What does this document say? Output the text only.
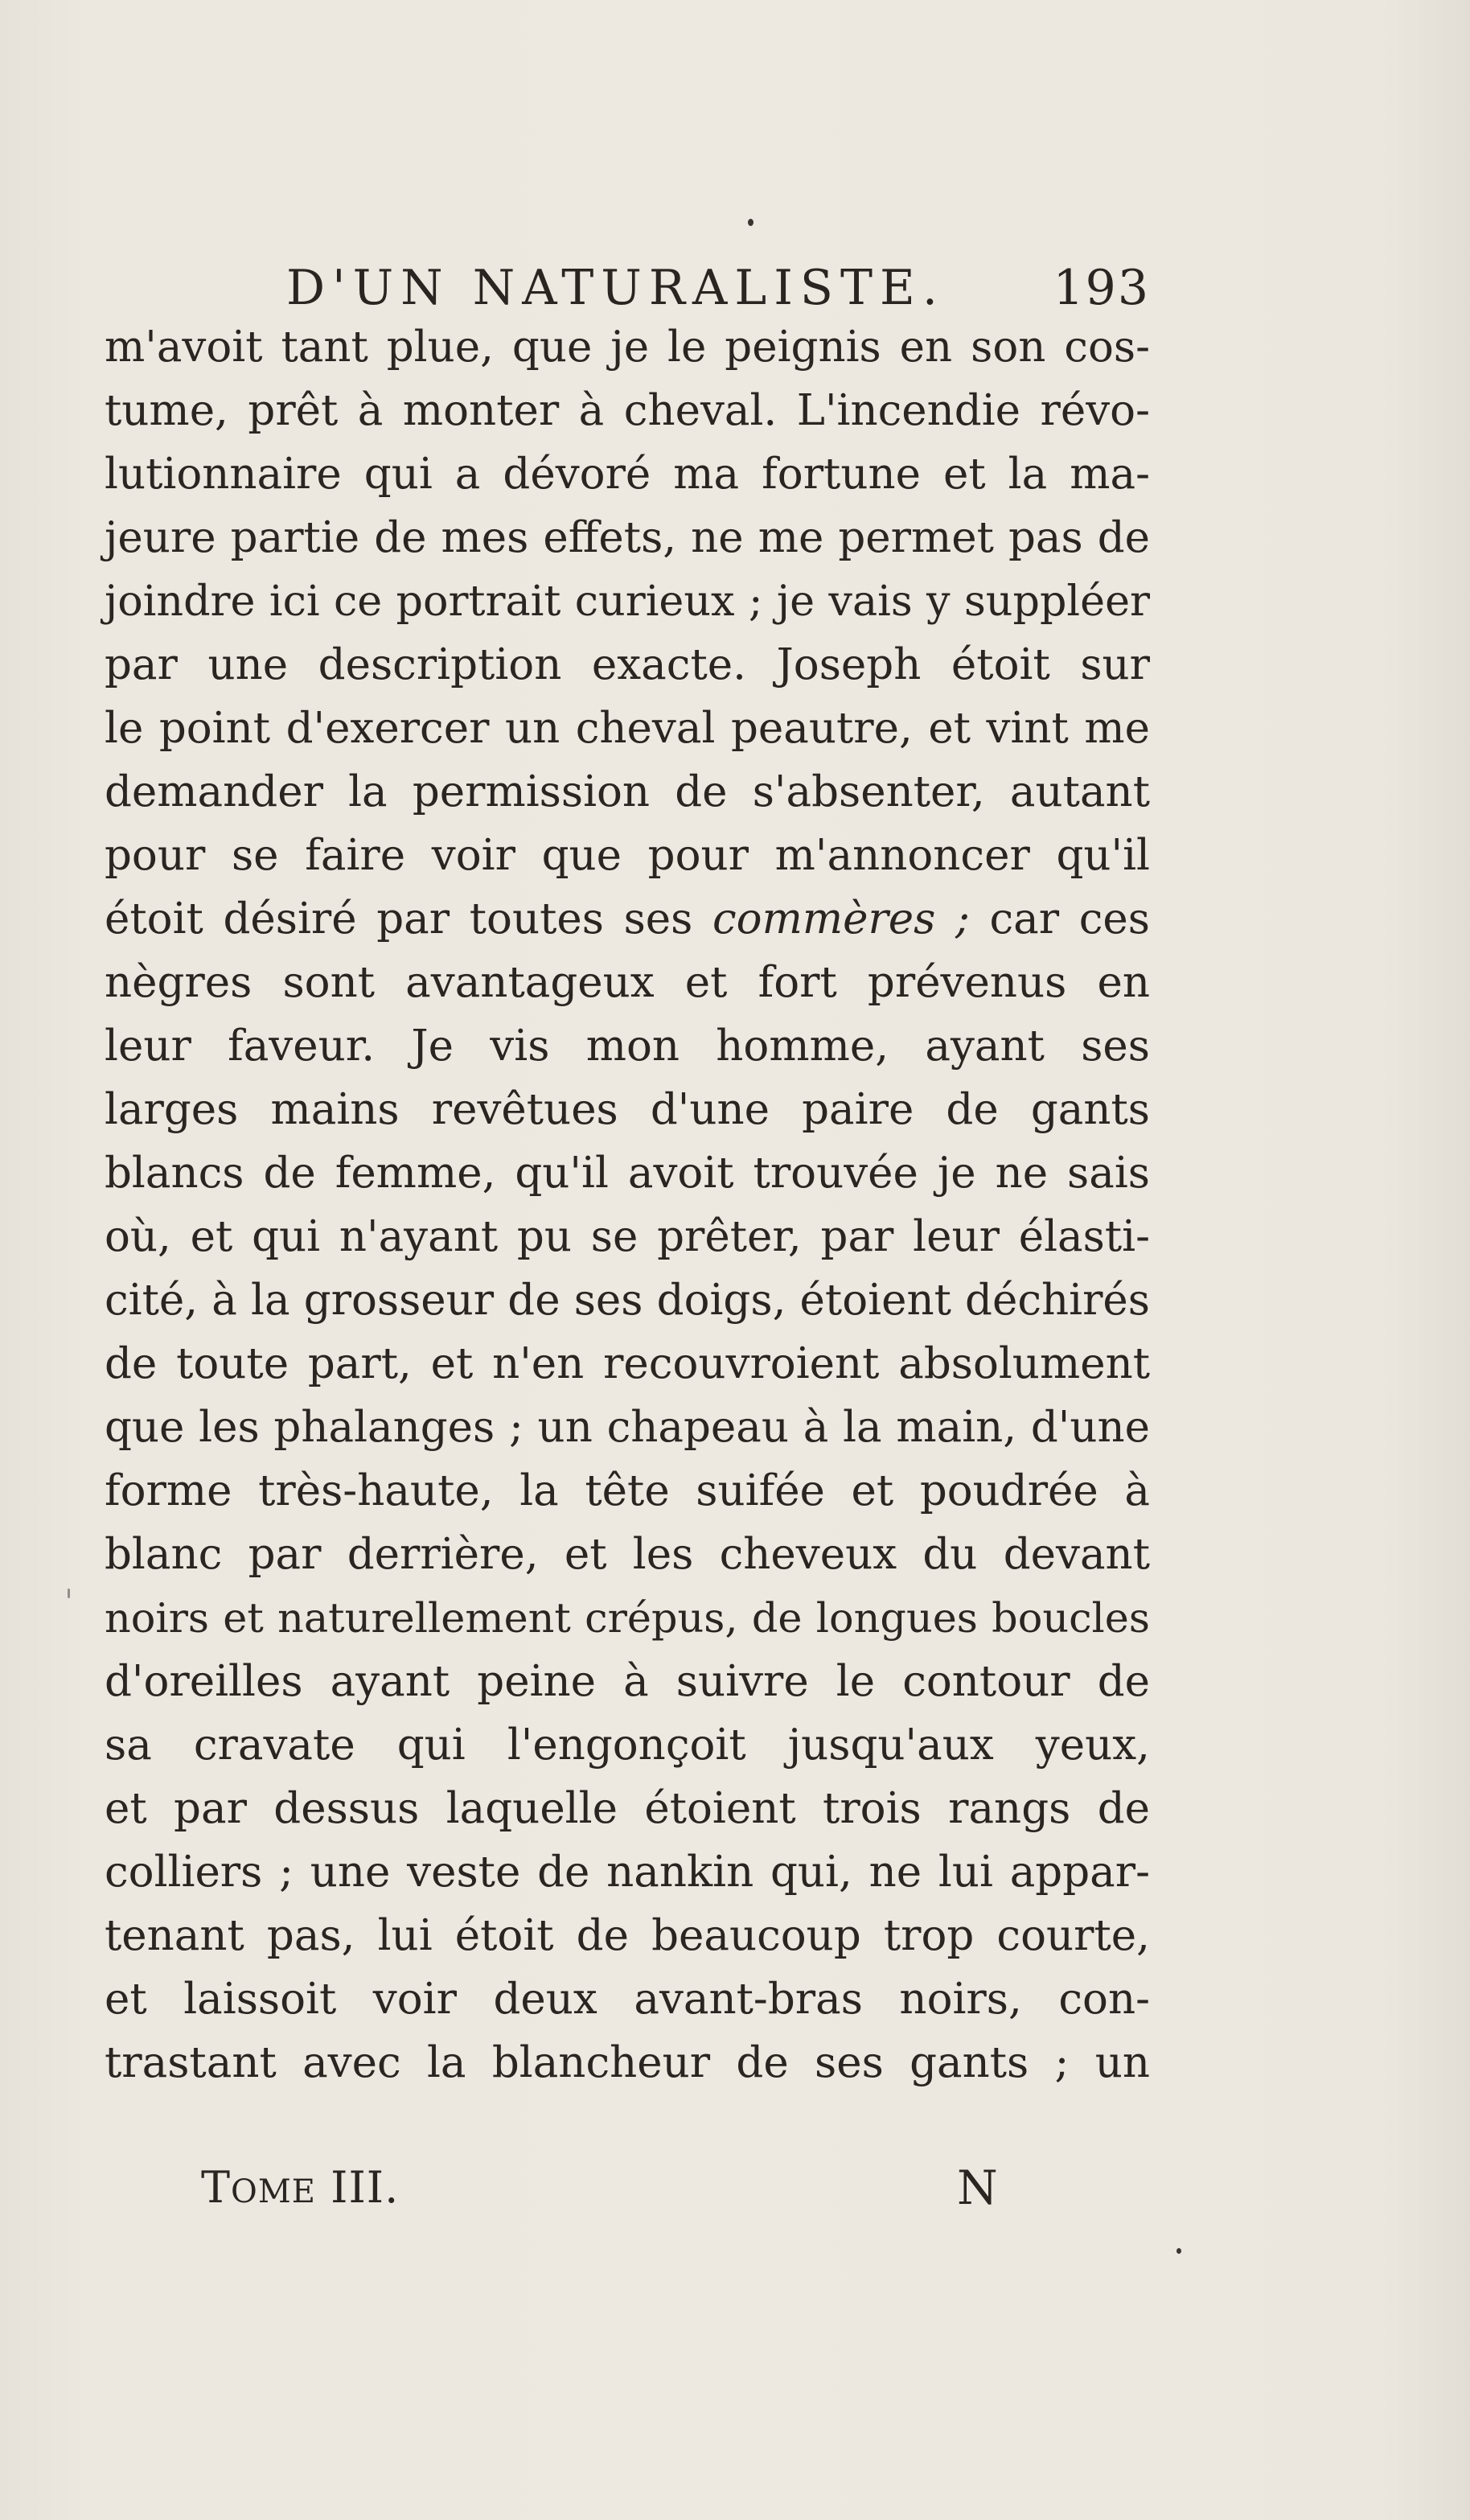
D'UN NATURALISTE. 193
m'avoit tant plue, que je le peignis en son cos-
tume, prêt à monter à cheval. L'incendie révo-
lutionnaire qui a dévoré ma fortune et la ma-
jeure partie de mes effets, ne me permet pas de
joindre ici ce portrait curieux ; je vais y suppléer
par une description exacte. Joseph étoit sur
le point d'exercer un cheval peautre, et vint me
demander la permission de s'absenter, autant
pour se faire voir que pour m'annoncer qu'il
étoit désiré par toutes ses commères ; car ces
nègres sont avantageux et fort prévenus en
leur faveur. Je vis mon homme, ayant ses
larges mains revêtues d'une paire de gants
blancs de femme, qu'il avoit trouvée je ne sais
où, et qui n'ayant pu se prêter, par leur élasti-
cité, à la grosseur de ses doigs, étoient déchirés
de toute part, et n'en recouvroient absolument
que les phalanges ; un chapeau à la main, d'une
forme très-haute, la tête suifée et poudrée à
blanc par derrière, et les cheveux du devant
noirs et naturellement crépus, de longues boucles
d'oreilles ayant peine à suivre le contour de
sa cravate qui l'engonçoit jusqu'aux yeux,
et par dessus laquelle étoient trois rangs de
colliers ; une veste de nankin qui, ne lui appar-
tenant pas, lui étoit de beaucoup trop courte,
et laissoit voir deux avant-bras noirs, con-
trastant avec la blancheur de ses gants ; un
TOME III.	N
